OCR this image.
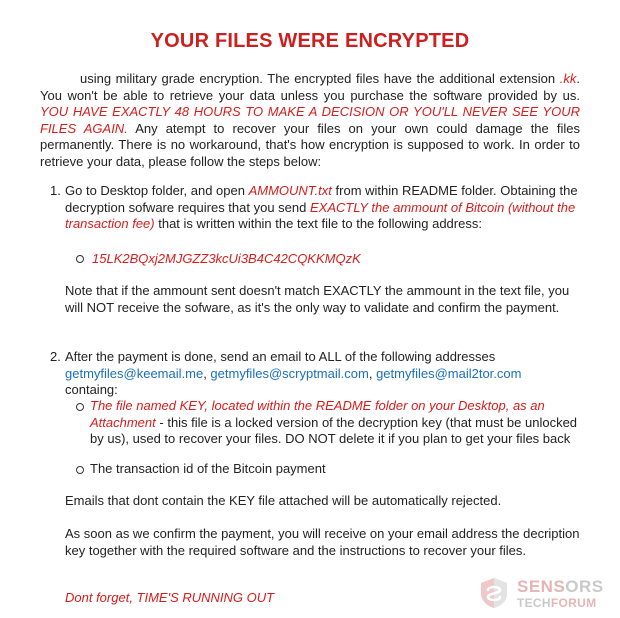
YOUR FILES WERE ENCRYPTED
using military grade encryption. The encrypted files have the additional extension .kk. You won't be able to retrieve your data unless you purchase the software provided by us. YOU HAVE EXACTLY 48 HOURS TO MAKE A DECISION OR YOU'LL NEVER SEE YOUR FILES AGAIN. Any atempt to recover your files on your own could damage the files permanently. There is no workaround, that's how encryption is supposed to work. In order to retrieve your data, please follow the steps below:
1. Go to Desktop folder, and open AMMOUNT.txt from within README folder. Obtaining the decryption sofware requires that you send EXACTLY the ammount of Bitcoin (without the transaction fee) that is written within the text file to the following address:
15LK2BQxj2MJGZZ3kcUi3B4C42CQKKMQzK
Note that if the ammount sent doesn't match EXACTLY the ammount in the text file, you will NOT receive the sofware, as it's the only way to validate and confirm the payment.
2. After the payment is done, send an email to ALL of the following addresses
getmyfiles@keemail.me, getmyfiles@scryptmail.com, getmyfiles@mail2tor.com
containg:
The file named KEY, located within the README folder on your Desktop, as an Attachment - this file is a locked version of the decryption key (that must be unlocked by us), used to recover your files. DO NOT delete it if you plan to get your files back
The transaction id of the Bitcoin payment
Emails that dont contain the KEY file attached will be automatically rejected.
As soon as we confirm the payment, you will receive on your email address the decription key together with the required software and the instructions to recover your files.
Dont forget, TIME'S RUNNING OUT
SENSORS
TECHFORUM
